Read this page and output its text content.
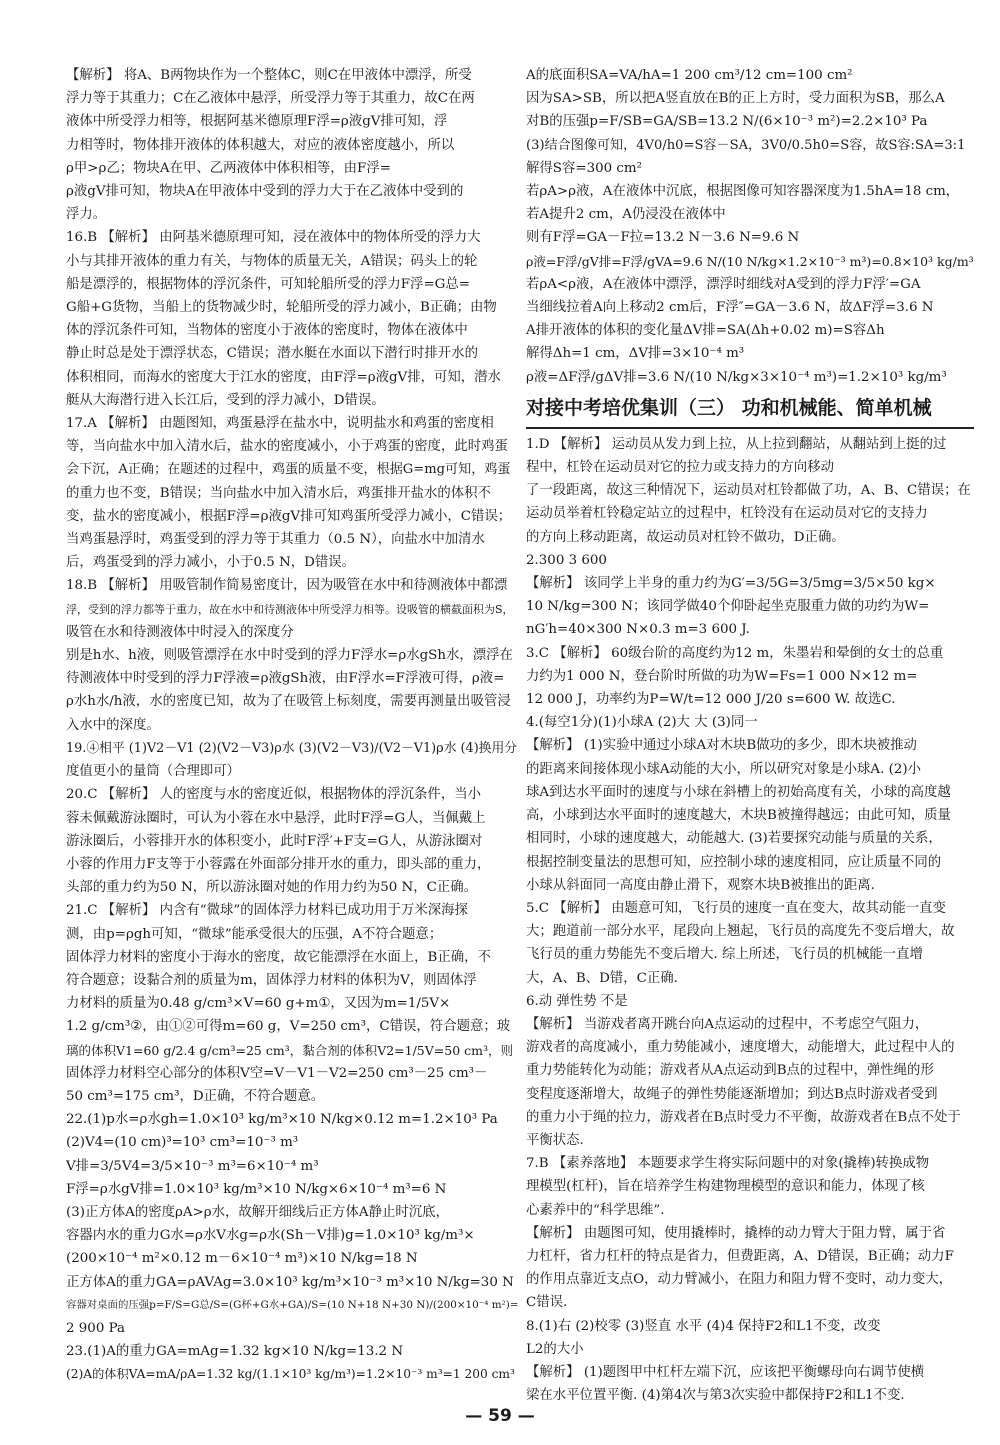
【解析】 将A、B两物块作为一个整体C，则C在甲液体中漂浮，所受
浮力等于其重力；C在乙液体中悬浮，所受浮力等于其重力，故C在两
液体中所受浮力相等，根据阿基米德原理F浮=ρ液gV排可知，浮
力相等时，物体排开液体的体积越大，对应的液体密度越小，所以
ρ甲>ρ乙；物块A在甲、乙两液体中体积相等，由F浮=
ρ液gV排可知，物块A在甲液体中受到的浮力大于在乙液体中受到的
浮力。
16.B 【解析】 由阿基米德原理可知，浸在液体中的物体所受的浮力大
小与其排开液体的重力有关，与物体的质量无关，A错误；码头上的轮
船是漂浮的，根据物体的浮沉条件，可知轮船所受的浮力F浮=G总=
G船+G货物，当船上的货物减少时，轮船所受的浮力减小，B正确；由物
体的浮沉条件可知，当物体的密度小于液体的密度时，物体在液体中
静止时总是处于漂浮状态，C错误；潜水艇在水面以下潜行时排开水的
体积相同，而海水的密度大于江水的密度，由F浮=ρ液gV排，可知，潜水
艇从大海潜行进入长江后，受到的浮力减小，D错误。
17.A 【解析】 由题图知，鸡蛋悬浮在盐水中，说明盐水和鸡蛋的密度相
等，当向盐水中加入清水后，盐水的密度减小，小于鸡蛋的密度，此时鸡蛋
会下沉，A正确；在题述的过程中，鸡蛋的质量不变，根据G=mg可知，鸡蛋
的重力也不变，B错误；当向盐水中加入清水后，鸡蛋排开盐水的体积不
变，盐水的密度减小，根据F浮=ρ液gV排可知鸡蛋所受浮力减小，C错误；
当鸡蛋悬浮时，鸡蛋受到的浮力等于其重力（0.5 N），向盐水中加清水
后，鸡蛋受到的浮力减小，小于0.5 N，D错误。
18.B 【解析】 用吸管制作简易密度计，因为吸管在水中和待测液体中都漂
浮，受到的浮力都等于重力，故在水中和待测液体中所受浮力相等。设吸管的横截面积为S，
吸管在水和待测液体中时浸入的深度分
别是h水、h液，则吸管漂浮在水中时受到的浮力F浮水=ρ水gSh水，漂浮在
待测液体中时受到的浮力F浮液=ρ液gSh液，由F浮水=F浮液可得，ρ液=
ρ水h水/h液，水的密度已知，故为了在吸管上标刻度，需要再测量出吸管浸
入水中的深度。
19.④相平 (1)V2－V1 (2)(V2－V3)ρ水 (3)(V2－V3)/(V2－V1)ρ水 (4)换用分
度值更小的量筒（合理即可）
20.C 【解析】 人的密度与水的密度近似，根据物体的浮沉条件，当小
蓉未佩戴游泳圈时，可认为小蓉在水中悬浮，此时F浮=G人，当佩戴上
游泳圈后，小蓉排开水的体积变小，此时F浮′+F支=G人，从游泳圈对
小蓉的作用力F支等于小蓉露在外面部分排开水的重力，即头部的重力，
头部的重力约为50 N，所以游泳圈对她的作用力约为50 N，C正确。
21.C 【解析】 内含有“微球”的固体浮力材料已成功用于万米深海探
测，由p=ρgh可知，“微球”能承受很大的压强，A不符合题意；
固体浮力材料的密度小于海水的密度，故它能漂浮在水面上，B正确，不
符合题意；设黏合剂的质量为m，固体浮力材料的体积为V，则固体浮
力材料的质量为0.48 g/cm³×V=60 g+m①，又因为m=1/5V×
1.2 g/cm³②，由①②可得m=60 g，V=250 cm³，C错误，符合题意；玻
璃的体积V1=60 g/2.4 g/cm³=25 cm³，黏合剂的体积V2=1/5V=50 cm³，则
固体浮力材料空心部分的体积V空=V－V1－V2=250 cm³－25 cm³－
50 cm³=175 cm³，D正确，不符合题意。
22.(1)p水=ρ水gh=1.0×10³ kg/m³×10 N/kg×0.12 m=1.2×10³ Pa
(2)V4=(10 cm)³=10³ cm³=10⁻³ m³
V排=3/5V4=3/5×10⁻³ m³=6×10⁻⁴ m³
F浮=ρ水gV排=1.0×10³ kg/m³×10 N/kg×6×10⁻⁴ m³=6 N
(3)正方体A的密度ρA>ρ水，故解开细线后正方体A静止时沉底，
容器内水的重力G水=ρ水V水g=ρ水(Sh－V排)g=1.0×10³ kg/m³×
(200×10⁻⁴ m²×0.12 m－6×10⁻⁴ m³)×10 N/kg=18 N
正方体A的重力GA=ρAVAg=3.0×10³ kg/m³×10⁻³ m³×10 N/kg=30 N
容器对桌面的压强p=F/S=G总/S=(G杯+G水+GA)/S=(10 N+18 N+30 N)/(200×10⁻⁴ m²)=
2 900 Pa
23.(1)A的重力GA=mAg=1.32 kg×10 N/kg=13.2 N
(2)A的体积VA=mA/ρA=1.32 kg/(1.1×10³ kg/m³)=1.2×10⁻³ m³=1 200 cm³
A的底面积SA=VA/hA=1 200 cm³/12 cm=100 cm²
因为SA>SB，所以把A竖直放在B的正上方时，受力面积为SB，那么A
对B的压强p=F/SB=GA/SB=13.2 N/(6×10⁻³ m²)=2.2×10³ Pa
(3)结合图像可知，4V0/h0=S容－SA，3V0/0.5h0=S容，故S容:SA=3:1
解得S容=300 cm²
若ρA>ρ液，A在液体中沉底，根据图像可知容器深度为1.5hA=18 cm，
若A提升2 cm，A仍浸没在液体中
则有F浮=GA－F拉=13.2 N－3.6 N=9.6 N
ρ液=F浮/gV排=F浮/gVA=9.6 N/(10 N/kg×1.2×10⁻³ m³)=0.8×10³ kg/m³
若ρA<ρ液，A在液体中漂浮，漂浮时细线对A受到的浮力F浮′=GA
当细线拉着A向上移动2 cm后，F浮″=GA－3.6 N，故ΔF浮=3.6 N
A排开液体的体积的变化量ΔV排=SA(Δh+0.02 m)=S容Δh
解得Δh=1 cm，ΔV排=3×10⁻⁴ m³
ρ液=ΔF浮/gΔV排=3.6 N/(10 N/kg×3×10⁻⁴ m³)=1.2×10³ kg/m³
对接中考培优集训（三） 功和机械能、简单机械
1.D 【解析】 运动员从发力到上拉，从上拉到翻站，从翻站到上挺的过
程中，杠铃在运动员对它的拉力或支持力的方向移动
了一段距离，故这三种情况下，运动员对杠铃都做了功，A、B、C错误；在
运动员举着杠铃稳定站立的过程中，杠铃没有在运动员对它的支持力
的方向上移动距离，故运动员对杠铃不做功，D正确。
2.300 3 600
【解析】 该同学上半身的重力约为G′=3/5G=3/5mg=3/5×50 kg×
10 N/kg=300 N；该同学做40个仰卧起坐克服重力做的功约为W=
nG′h=40×300 N×0.3 m=3 600 J.
3.C 【解析】 60级台阶的高度约为12 m，朱墨岩和晕倒的女士的总重
力约为1 000 N，登台阶时所做的功为W=Fs=1 000 N×12 m=
12 000 J，功率约为P=W/t=12 000 J/20 s=600 W. 故选C.
4.(每空1分)(1)小球A (2)大 大 (3)同一
【解析】 (1)实验中通过小球A对木块B做功的多少，即木块被推动
的距离来间接体现小球A动能的大小，所以研究对象是小球A. (2)小
球A到达水平面时的速度与小球在斜槽上的初始高度有关，小球的高度越
高，小球到达水平面时的速度越大，木块B被撞得越远；由此可知，质量
相同时，小球的速度越大，动能越大. (3)若要探究动能与质量的关系，
根据控制变量法的思想可知，应控制小球的速度相同，应让质量不同的
小球从斜面同一高度由静止滑下，观察木块B被推出的距离.
5.C 【解析】 由题意可知，飞行员的速度一直在变大，故其动能一直变
大；跑道前一部分水平，尾段向上翘起，飞行员的高度先不变后增大，故
飞行员的重力势能先不变后增大. 综上所述，飞行员的机械能一直增
大，A、B、D错，C正确.
6.动 弹性势 不是
【解析】 当游戏者离开跳台向A点运动的过程中，不考虑空气阻力，
游戏者的高度减小，重力势能减小，速度增大，动能增大，此过程中人的
重力势能转化为动能；游戏者从A点运动到B点的过程中，弹性绳的形
变程度逐渐增大，故绳子的弹性势能逐渐增加；到达B点时游戏者受到
的重力小于绳的拉力，游戏者在B点时受力不平衡，故游戏者在B点不处于
平衡状态.
7.B 【素养落地】 本题要求学生将实际问题中的对象(撬棒)转换成物
理模型(杠杆)，旨在培养学生构建物理模型的意识和能力，体现了核
心素养中的“科学思维”.
【解析】 由题图可知，使用撬棒时，撬棒的动力臂大于阻力臂，属于省
力杠杆，省力杠杆的特点是省力，但费距离，A、D错误，B正确；动力F
的作用点靠近支点O，动力臂减小，在阻力和阻力臂不变时，动力变大，
C错误.
8.(1)右 (2)校零 (3)竖直 水平 (4)4 保持F2和L1不变，改变
L2的大小
【解析】 (1)题图甲中杠杆左端下沉，应该把平衡螺母向右调节使横
梁在水平位置平衡. (4)第4次与第3次实验中都保持F2和L1不变.
— 59 —
